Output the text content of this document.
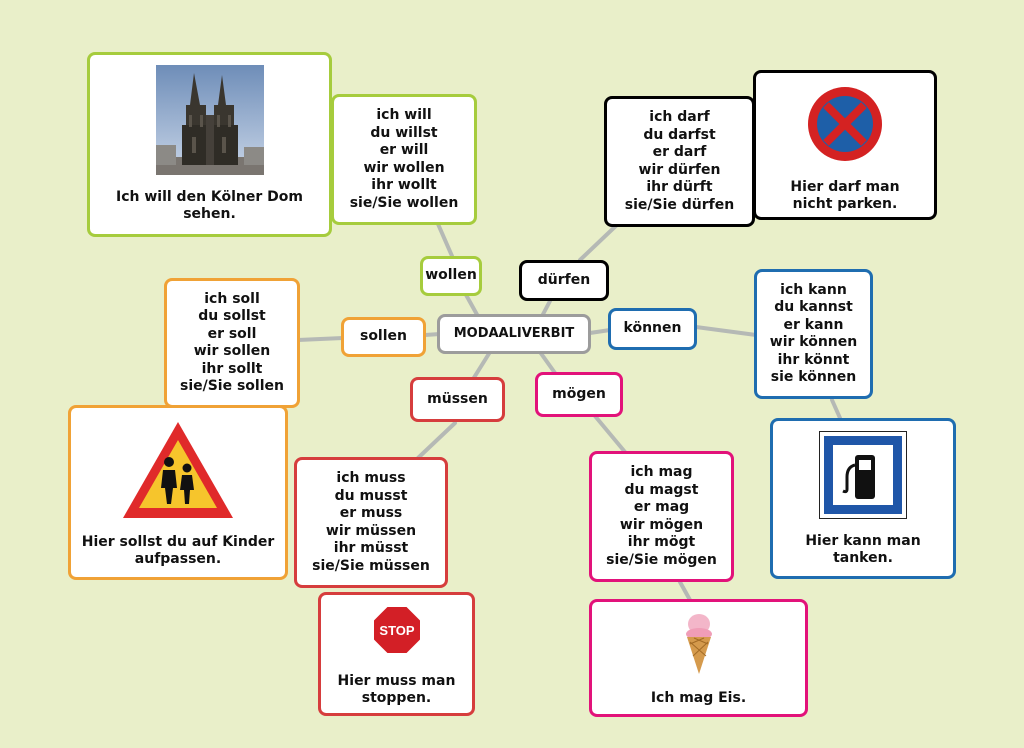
MODAALIVERBIT
wollen	dürfen
sollen	können
müssen	mögen
ich will
du willst
er will
wir wollen
ihr wollt
sie/Sie wollen
ich darf
du darfst
er darf
wir dürfen
ihr dürft
sie/Sie dürfen
ich soll
du sollst
er soll
wir sollen
ihr sollt
sie/Sie sollen
ich kann
du kannst
er kann
wir können
ihr könnt
sie können
ich muss
du musst
er muss
wir müssen
ihr müsst
sie/Sie müssen
ich mag
du magst
er mag
wir mögen
ihr mögt
sie/Sie mögen
Ich will den Kölner Dom sehen.
Hier darf man nicht parken.
Hier sollst du auf Kinder aufpassen.
Hier kann man tanken.
STOP
Hier muss man stoppen.	Ich mag Eis.
